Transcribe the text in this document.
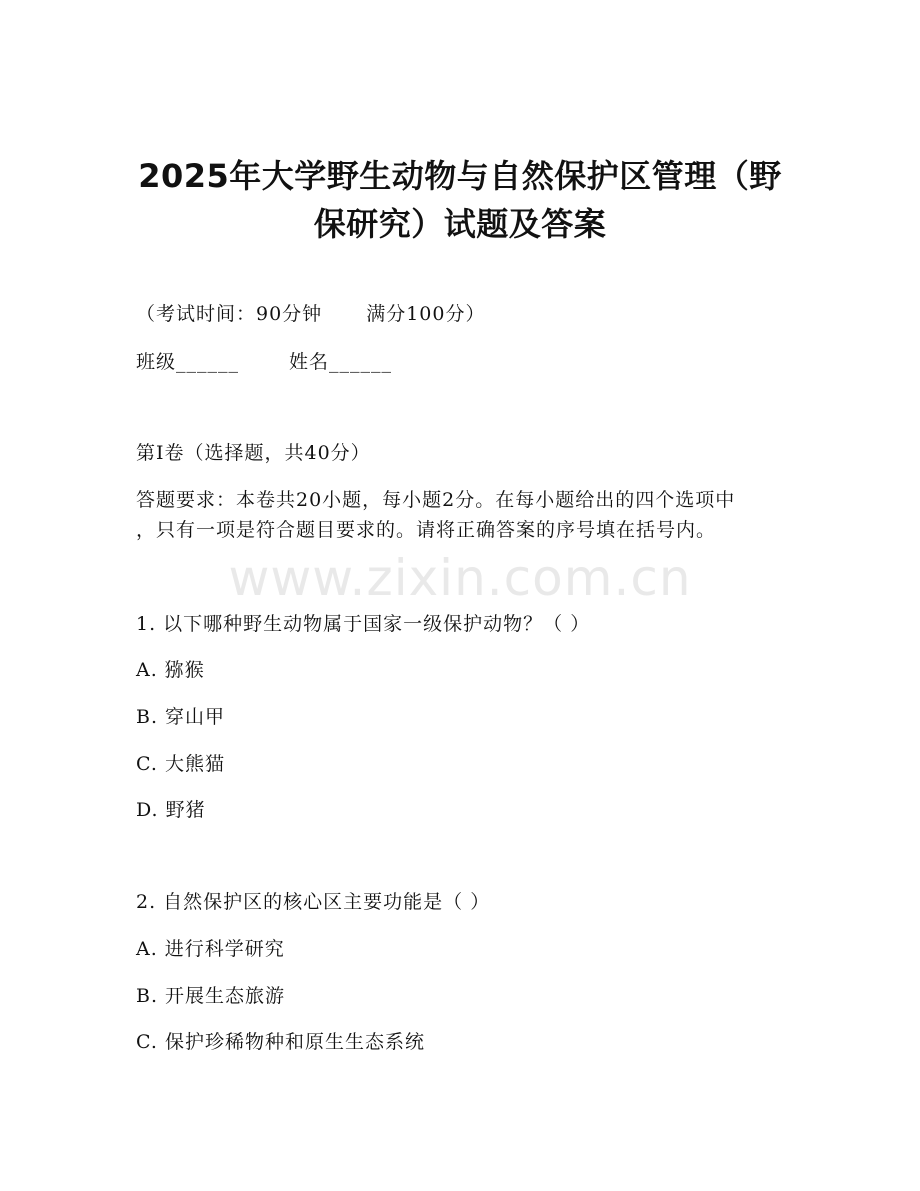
2025年大学野生动物与自然保护区管理（野
保研究）试题及答案
（考试时间：90分钟 满分100分）
班级______	姓名______
第I卷（选择题，共40分）
答题要求：本卷共20小题，每小题2分。在每小题给出的四个选项中
，只有一项是符合题目要求的。请将正确答案的序号填在括号内。
www.zixin.com.cn
1. 以下哪种野生动物属于国家一级保护动物？（ ）
A. 猕猴
B. 穿山甲
C. 大熊猫
D. 野猪
2. 自然保护区的核心区主要功能是（ ）
A. 进行科学研究
B. 开展生态旅游
C. 保护珍稀物种和原生生态系统
